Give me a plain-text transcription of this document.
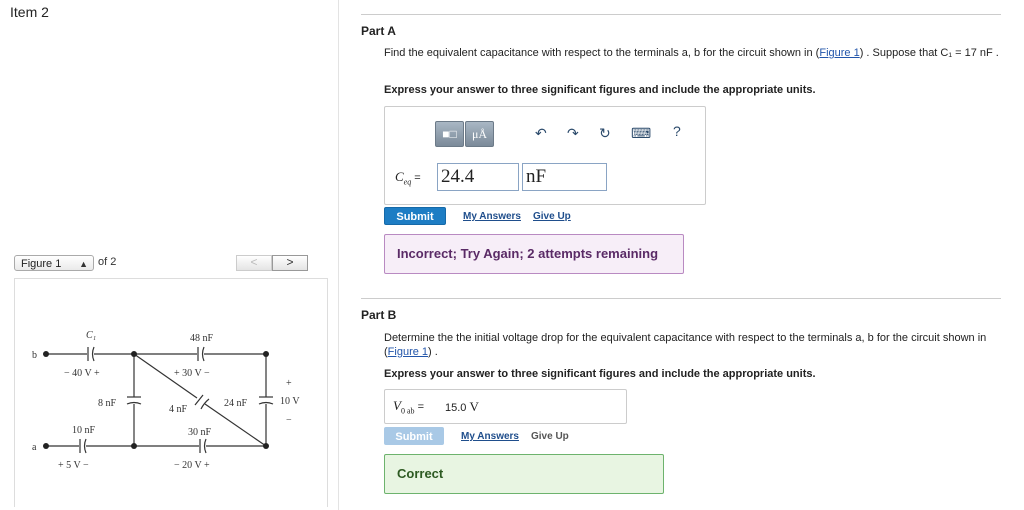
Item 2
Figure 1 ▲ of 2	<	>
C₁
− 40 V +
48 nF
+ 30 V −
8 nF
4 nF
24 nF
+
10 V
−
10 nF
+ 5 V −
30 nF
− 20 V +
b
a
Part A
Find the equivalent capacitance with respect to the terminals a, b for the circuit shown in (Figure 1) . Suppose that C₁ = 17 nF .
Express your answer to three significant figures and include the appropriate units.
■□	μÅ	↶ ↷ ↻ ⌨ ?
$C_{eq} = 24.4$	nF
Submit	My Answers Give Up
Incorrect; Try Again; 2 attempts remaining
Part B
Determine the the initial voltage drop for the equivalent capacitance with respect to the terminals a, b for the circuit shown in (Figure 1) .
Express your answer to three significant figures and include the appropriate units.
$V_{0 ab} = 15.0$ V
Submit	My Answers Give Up
Correct
